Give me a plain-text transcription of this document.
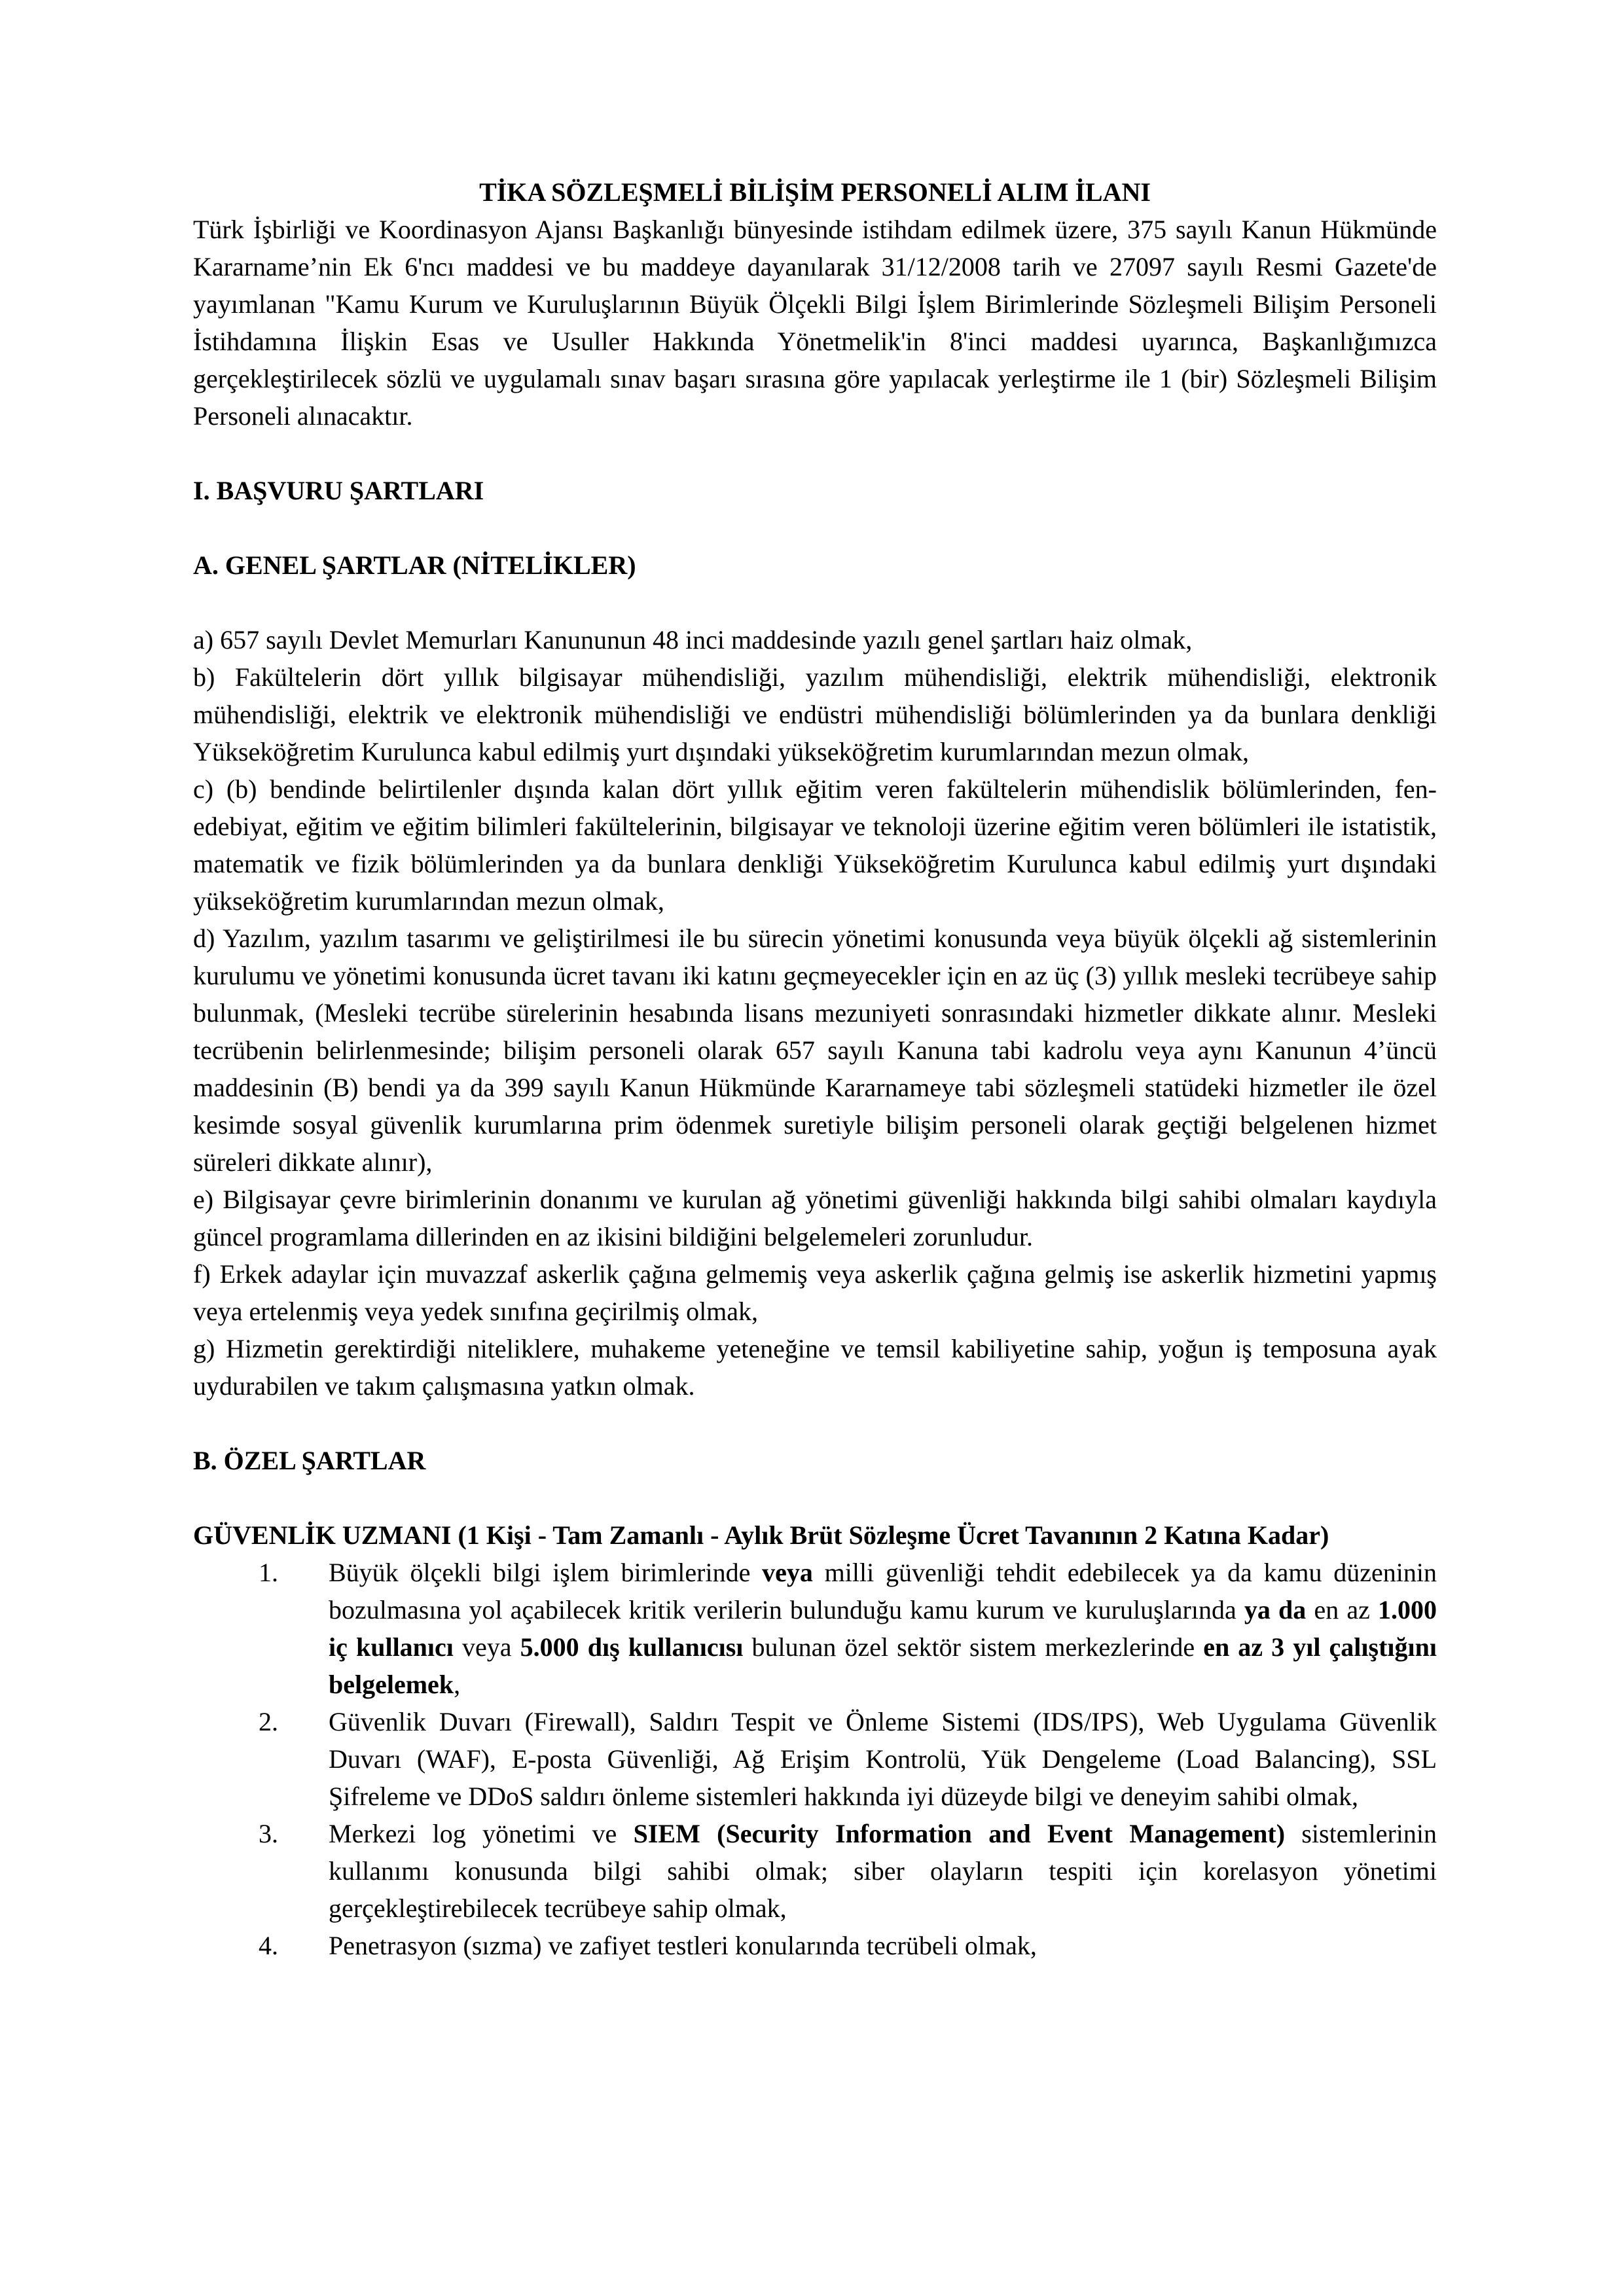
TİKA SÖZLEŞMELİ BİLİŞİM PERSONELİ ALIM İLANI

Türk İşbirliği ve Koordinasyon Ajansı Başkanlığı bünyesinde istihdam edilmek üzere, 375 sayılı Kanun Hükmünde Kararname’nin Ek 6'ncı maddesi ve bu maddeye dayanılarak 31/12/2008 tarih ve 27097 sayılı Resmi Gazete'de yayımlanan "Kamu Kurum ve Kuruluşlarının Büyük Ölçekli Bilgi İşlem Birimlerinde Sözleşmeli Bilişim Personeli İstihdamına İlişkin Esas ve Usuller Hakkında Yönetmelik'in 8'inci maddesi uyarınca, Başkanlığımızca gerçekleştirilecek sözlü ve uygulamalı sınav başarı sırasına göre yapılacak yerleştirme ile 1 (bir) Sözleşmeli Bilişim Personeli alınacaktır.

I. BAŞVURU ŞARTLARI
A. GENEL ŞARTLAR (NİTELİKLER)

a) 657 sayılı Devlet Memurları Kanununun 48 inci maddesinde yazılı genel şartları haiz olmak,

b) Fakültelerin dört yıllık bilgisayar mühendisliği, yazılım mühendisliği, elektrik mühendisliği, elektronik mühendisliği, elektrik ve elektronik mühendisliği ve endüstri mühendisliği bölümlerinden ya da bunlara denkliği Yükseköğretim Kurulunca kabul edilmiş yurt dışındaki yükseköğretim kurumlarından mezun olmak,

c) (b) bendinde belirtilenler dışında kalan dört yıllık eğitim veren fakültelerin mühendislik bölümlerinden, fen-edebiyat, eğitim ve eğitim bilimleri fakültelerinin, bilgisayar ve teknoloji üzerine eğitim veren bölümleri ile istatistik, matematik ve fizik bölümlerinden ya da bunlara denkliği Yükseköğretim Kurulunca kabul edilmiş yurt dışındaki yükseköğretim kurumlarından mezun olmak,

d) Yazılım, yazılım tasarımı ve geliştirilmesi ile bu sürecin yönetimi konusunda veya büyük ölçekli ağ sistemlerinin kurulumu ve yönetimi konusunda ücret tavanı iki katını geçmeyecekler için en az üç (3) yıllık mesleki tecrübeye sahip bulunmak, (Mesleki tecrübe sürelerinin hesabında lisans mezuniyeti sonrasındaki hizmetler dikkate alınır. Mesleki tecrübenin belirlenmesinde; bilişim personeli olarak 657 sayılı Kanuna tabi kadrolu veya aynı Kanunun 4’üncü maddesinin (B) bendi ya da 399 sayılı Kanun Hükmünde Kararnameye tabi sözleşmeli statüdeki hizmetler ile özel kesimde sosyal güvenlik kurumlarına prim ödenmek suretiyle bilişim personeli olarak geçtiği belgelenen hizmet süreleri dikkate alınır),

e) Bilgisayar çevre birimlerinin donanımı ve kurulan ağ yönetimi güvenliği hakkında bilgi sahibi olmaları kaydıyla güncel programlama dillerinden en az ikisini bildiğini belgelemeleri zorunludur.

f) Erkek adaylar için muvazzaf askerlik çağına gelmemiş veya askerlik çağına gelmiş ise askerlik hizmetini yapmış veya ertelenmiş veya yedek sınıfına geçirilmiş olmak,

g) Hizmetin gerektirdiği niteliklere, muhakeme yeteneğine ve temsil kabiliyetine sahip, yoğun iş temposuna ayak uydurabilen ve takım çalışmasına yatkın olmak.

B. ÖZEL ŞARTLAR
GÜVENLİK UZMANI (1 Kişi - Tam Zamanlı - Aylık Brüt Sözleşme Ücret Tavanının 2 Katına Kadar)
Büyük ölçekli bilgi işlem birimlerinde veya milli güvenliği tehdit edebilecek ya da kamu düzeninin bozulmasına yol açabilecek kritik verilerin bulunduğu kamu kurum ve kuruluşlarında ya da en az 1.000 iç kullanıcı veya 5.000 dış kullanıcısı bulunan özel sektör sistem merkezlerinde en az 3 yıl çalıştığını belgelemek,
Güvenlik Duvarı (Firewall), Saldırı Tespit ve Önleme Sistemi (IDS/IPS), Web Uygulama Güvenlik Duvarı (WAF), E-posta Güvenliği, Ağ Erişim Kontrolü, Yük Dengeleme (Load Balancing), SSL Şifreleme ve DDoS saldırı önleme sistemleri hakkında iyi düzeyde bilgi ve deneyim sahibi olmak,
Merkezi log yönetimi ve SIEM (Security Information and Event Management) sistemlerinin kullanımı konusunda bilgi sahibi olmak; siber olayların tespiti için korelasyon yönetimi gerçekleştirebilecek tecrübeye sahip olmak,
Penetrasyon (sızma) ve zafiyet testleri konularında tecrübeli olmak,
